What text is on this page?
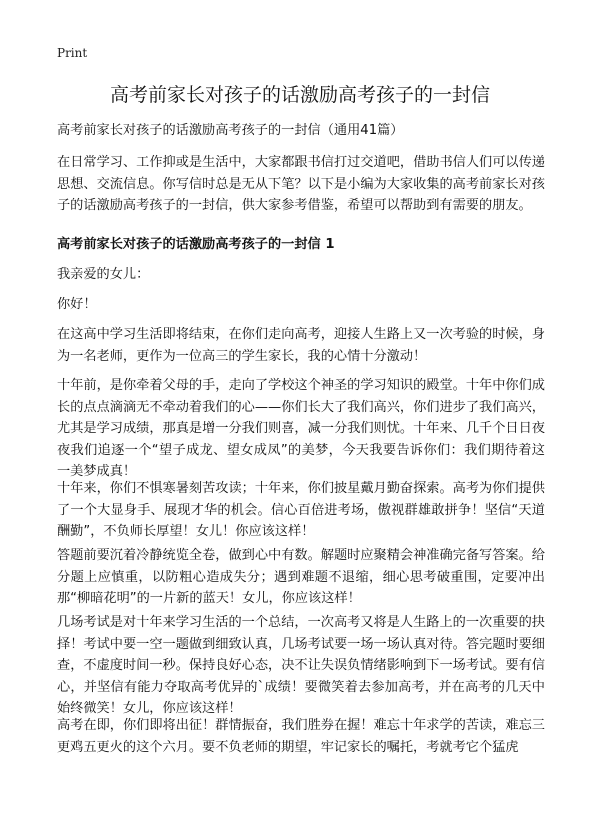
Print
高考前家长对孩子的话激励高考孩子的一封信

高考前家长对孩子的话激励高考孩子的一封信（通用41篇）

在日常学习、工作抑或是生活中，大家都跟书信打过交道吧，借助书信人们可以传递思想、交流信息。你写信时总是无从下笔？以下是小编为大家收集的高考前家长对孩子的话激励高考孩子的一封信，供大家参考借鉴，希望可以帮助到有需要的朋友。

高考前家长对孩子的话激励高考孩子的一封信 1

我亲爱的女儿：

你好！

在这高中学习生活即将结束，在你们走向高考，迎接人生路上又一次考验的时候，身为一名老师，更作为一位高三的学生家长，我的心情十分激动！

十年前，是你牵着父母的手，走向了学校这个神圣的学习知识的殿堂。十年中你们成长的点点滴滴无不牵动着我们的心——你们长大了我们高兴，你们进步了我们高兴，尤其是学习成绩，那真是增一分我们则喜，减一分我们则忧。十年来、几千个日日夜夜我们追逐一个“望子成龙、望女成凤”的美梦，今天我要告诉你们：我们期待着这一美梦成真！

十年来，你们不惧寒暑刻苦攻读；十年来，你们披星戴月勤奋探索。高考为你们提供了一个大显身手、展现才华的机会。信心百倍进考场，傲视群雄敢拼争！坚信“天道酬勤”，不负师长厚望！女儿！你应该这样！

答题前要沉着冷静统览全卷，做到心中有数。解题时应聚精会神准确完备写答案。给分题上应慎重，以防粗心造成失分；遇到难题不退缩，细心思考破重围，定要冲出那“柳暗花明”的一片新的蓝天！女儿，你应该这样！

几场考试是对十年来学习生活的一个总结，一次高考又将是人生路上的一次重要的抉择！考试中要一空一题做到细致认真，几场考试要一场一场认真对待。答完题时要细查，不虚度时间一秒。保持良好心态，决不让失误负情绪影响到下一场考试。要有信心，并坚信有能力夺取高考优异的`成绩！要微笑着去参加高考，并在高考的几天中始终微笑！女儿，你应该这样！

高考在即，你们即将出征！群情振奋，我们胜券在握！难忘十年求学的苦读，难忘三更鸡五更火的这个六月。要不负老师的期望，牢记家长的嘱托，考就考它个猛虎
